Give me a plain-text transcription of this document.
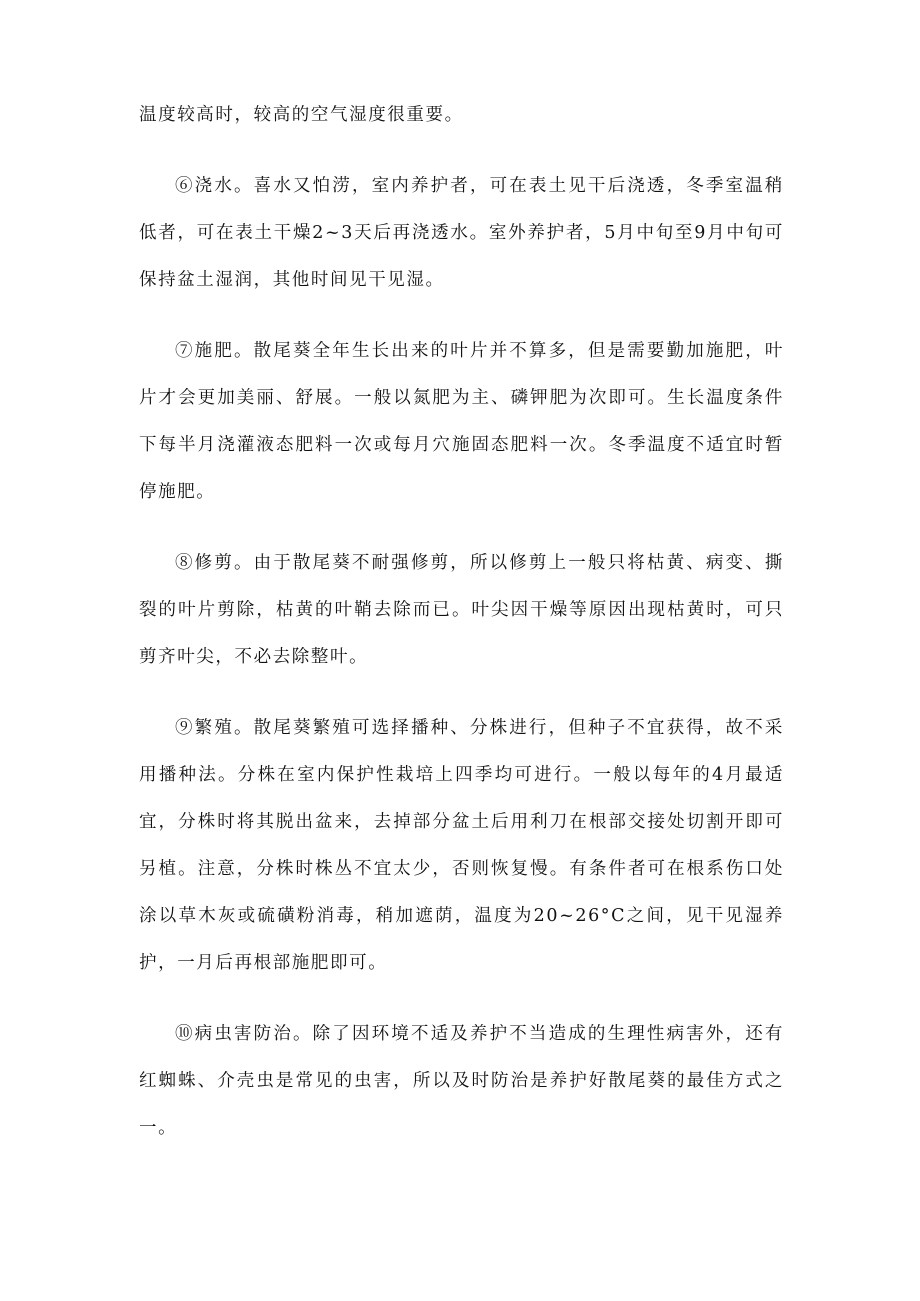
温度较高时，较高的空气湿度很重要。

⑥浇水。喜水又怕涝，室内养护者，可在表土见干后浇透，冬季室温稍低者，可在表土干燥2~3天后再浇透水。室外养护者，5月中旬至9月中旬可保持盆土湿润，其他时间见干见湿。

⑦施肥。散尾葵全年生长出来的叶片并不算多，但是需要勤加施肥，叶片才会更加美丽、舒展。一般以氮肥为主、磷钾肥为次即可。生长温度条件下每半月浇灌液态肥料一次或每月穴施固态肥料一次。冬季温度不适宜时暂停施肥。

⑧修剪。由于散尾葵不耐强修剪，所以修剪上一般只将枯黄、病变、撕裂的叶片剪除，枯黄的叶鞘去除而已。叶尖因干燥等原因出现枯黄时，可只剪齐叶尖，不必去除整叶。

⑨繁殖。散尾葵繁殖可选择播种、分株进行，但种子不宜获得，故不采用播种法。分株在室内保护性栽培上四季均可进行。一般以每年的4月最适宜，分株时将其脱出盆来，去掉部分盆土后用利刀在根部交接处切割开即可另植。注意，分株时株丛不宜太少，否则恢复慢。有条件者可在根系伤口处涂以草木灰或硫磺粉消毒，稍加遮荫，温度为20~26°C之间，见干见湿养护，一月后再根部施肥即可。

⑩病虫害防治。除了因环境不适及养护不当造成的生理性病害外，还有红蜘蛛、介壳虫是常见的虫害，所以及时防治是养护好散尾葵的最佳方式之一。
